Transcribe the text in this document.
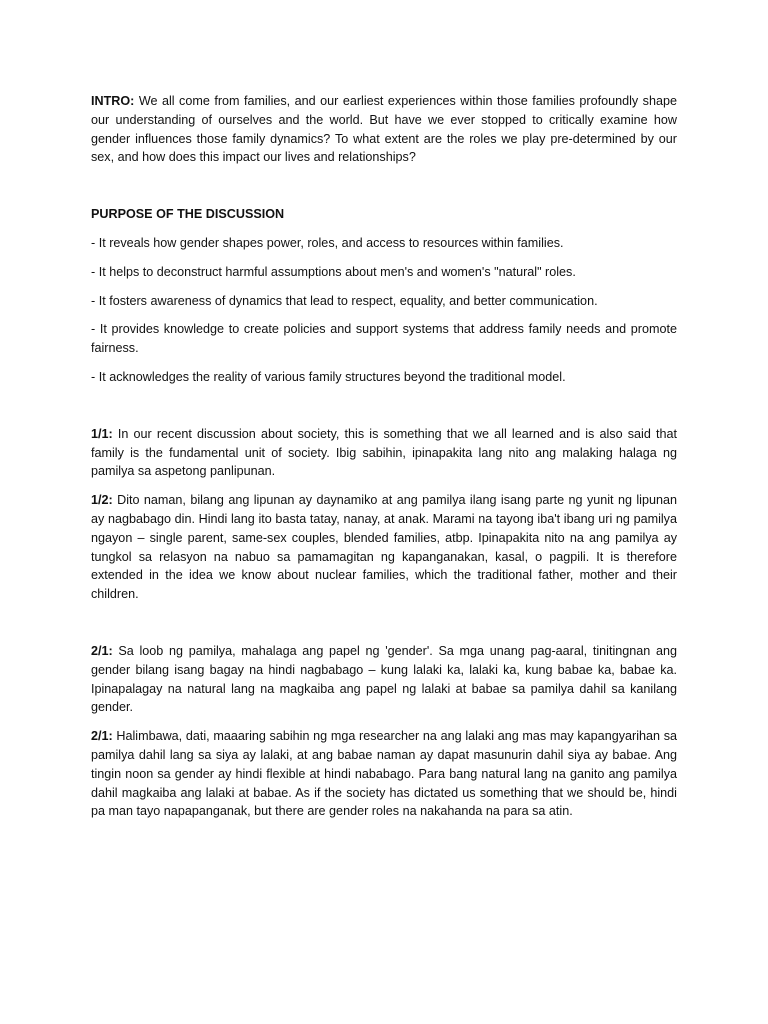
INTRO: We all come from families, and our earliest experiences within those families profoundly shape our understanding of ourselves and the world. But have we ever stopped to critically examine how gender influences those family dynamics? To what extent are the roles we play pre-determined by our sex, and how does this impact our lives and relationships?

PURPOSE OF THE DISCUSSION

- It reveals how gender shapes power, roles, and access to resources within families.

- It helps to deconstruct harmful assumptions about men's and women's "natural" roles.

- It fosters awareness of dynamics that lead to respect, equality, and better communication.

- It provides knowledge to create policies and support systems that address family needs and promote fairness.

- It acknowledges the reality of various family structures beyond the traditional model.

1/1: In our recent discussion about society, this is something that we all learned and is also said that family is the fundamental unit of society. Ibig sabihin, ipinapakita lang nito ang malaking halaga ng pamilya sa aspetong panlipunan.

1/2: Dito naman, bilang ang lipunan ay daynamiko at ang pamilya ilang isang parte ng yunit ng lipunan ay nagbabago din. Hindi lang ito basta tatay, nanay, at anak. Marami na tayong iba't ibang uri ng pamilya ngayon – single parent, same-sex couples, blended families, atbp. Ipinapakita nito na ang pamilya ay tungkol sa relasyon na nabuo sa pamamagitan ng kapanganakan, kasal, o pagpili. It is therefore extended in the idea we know about nuclear families, which the traditional father, mother and their children.

2/1: Sa loob ng pamilya, mahalaga ang papel ng 'gender'. Sa mga unang pag-aaral, tinitingnan ang gender bilang isang bagay na hindi nagbabago – kung lalaki ka, lalaki ka, kung babae ka, babae ka. Ipinapalagay na natural lang na magkaiba ang papel ng lalaki at babae sa pamilya dahil sa kanilang gender.

2/1: Halimbawa, dati, maaaring sabihin ng mga researcher na ang lalaki ang mas may kapangyarihan sa pamilya dahil lang sa siya ay lalaki, at ang babae naman ay dapat masunurin dahil siya ay babae. Ang tingin noon sa gender ay hindi flexible at hindi nababago. Para bang natural lang na ganito ang pamilya dahil magkaiba ang lalaki at babae. As if the society has dictated us something that we should be, hindi pa man tayo napapanganak, but there are gender roles na nakahanda na para sa atin.
